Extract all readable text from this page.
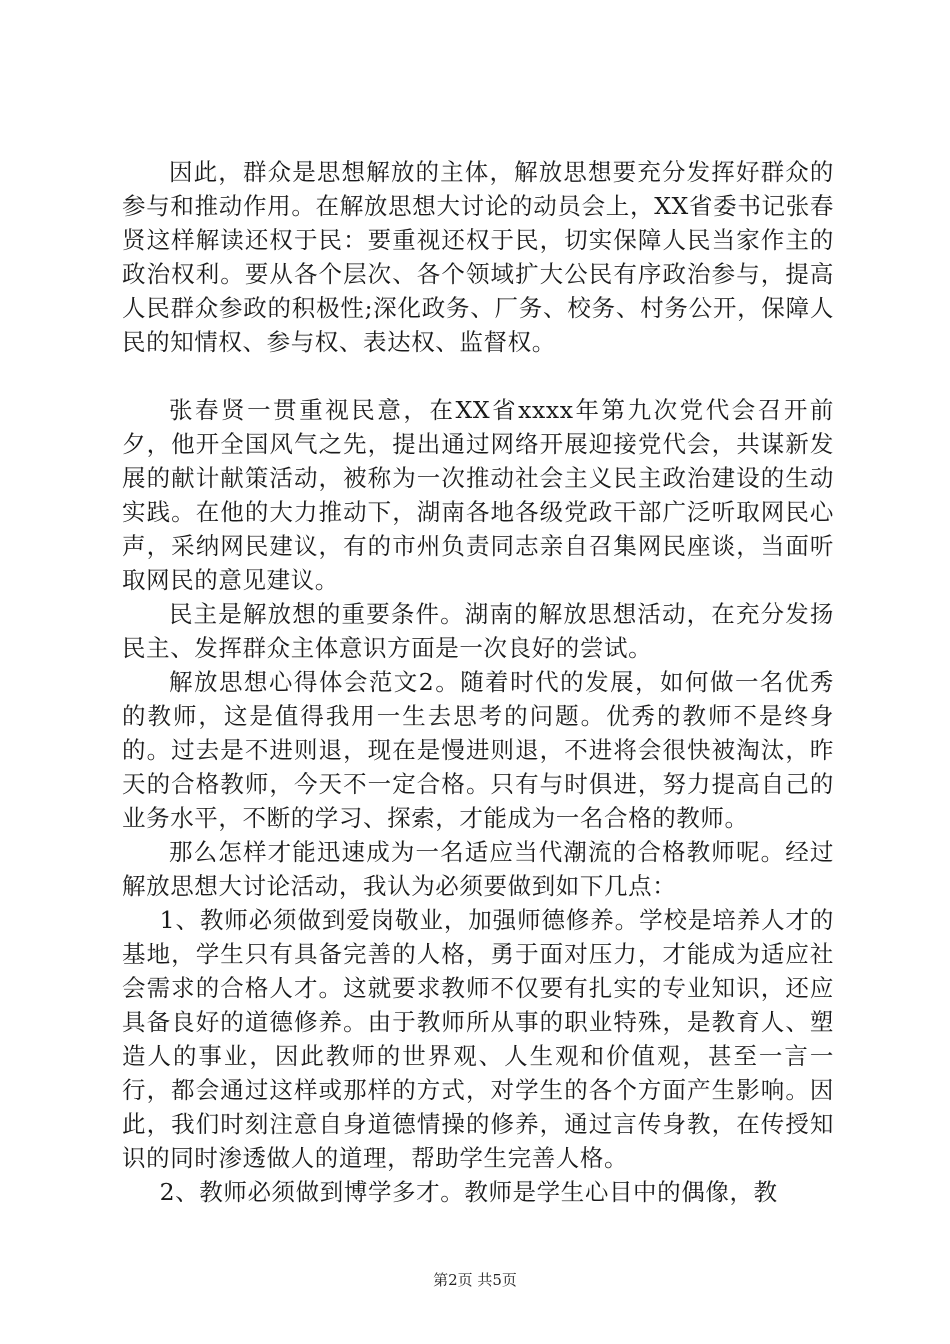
因此，群众是思想解放的主体，解放思想要充分发挥好群众的参与和推动作用。在解放思想大讨论的动员会上，XX省委书记张春贤这样解读还权于民：要重视还权于民，切实保障人民当家作主的政治权利。要从各个层次、各个领域扩大公民有序政治参与，提高人民群众参政的积极性;深化政务、厂务、校务、村务公开，保障人民的知情权、参与权、表达权、监督权。

张春贤一贯重视民意，在XX省xxxx年第九次党代会召开前夕，他开全国风气之先，提出通过网络开展迎接党代会，共谋新发展的献计献策活动，被称为一次推动社会主义民主政治建设的生动实践。在他的大力推动下，湖南各地各级党政干部广泛听取网民心声，采纳网民建议，有的市州负责同志亲自召集网民座谈，当面听取网民的意见建议。

民主是解放想的重要条件。湖南的解放思想活动，在充分发扬民主、发挥群众主体意识方面是一次良好的尝试。

解放思想心得体会范文2。随着时代的发展，如何做一名优秀的教师，这是值得我用一生去思考的问题。优秀的教师不是终身的。过去是不进则退，现在是慢进则退，不进将会很快被淘汰，昨天的合格教师，今天不一定合格。只有与时俱进，努力提高自己的业务水平，不断的学习、探索，才能成为一名合格的教师。

那么怎样才能迅速成为一名适应当代潮流的合格教师呢。经过解放思想大讨论活动，我认为必须要做到如下几点：

1、教师必须做到爱岗敬业，加强师德修养。学校是培养人才的基地，学生只有具备完善的人格，勇于面对压力，才能成为适应社会需求的合格人才。这就要求教师不仅要有扎实的专业知识，还应具备良好的道德修养。由于教师所从事的职业特殊，是教育人、塑造人的事业，因此教师的世界观、人生观和价值观，甚至一言一行，都会通过这样或那样的方式，对学生的各个方面产生影响。因此，我们时刻注意自身道德情操的修养，通过言传身教，在传授知识的同时渗透做人的道理，帮助学生完善人格。

2、教师必须做到博学多才。教师是学生心目中的偶像，教

第2页 共5页
